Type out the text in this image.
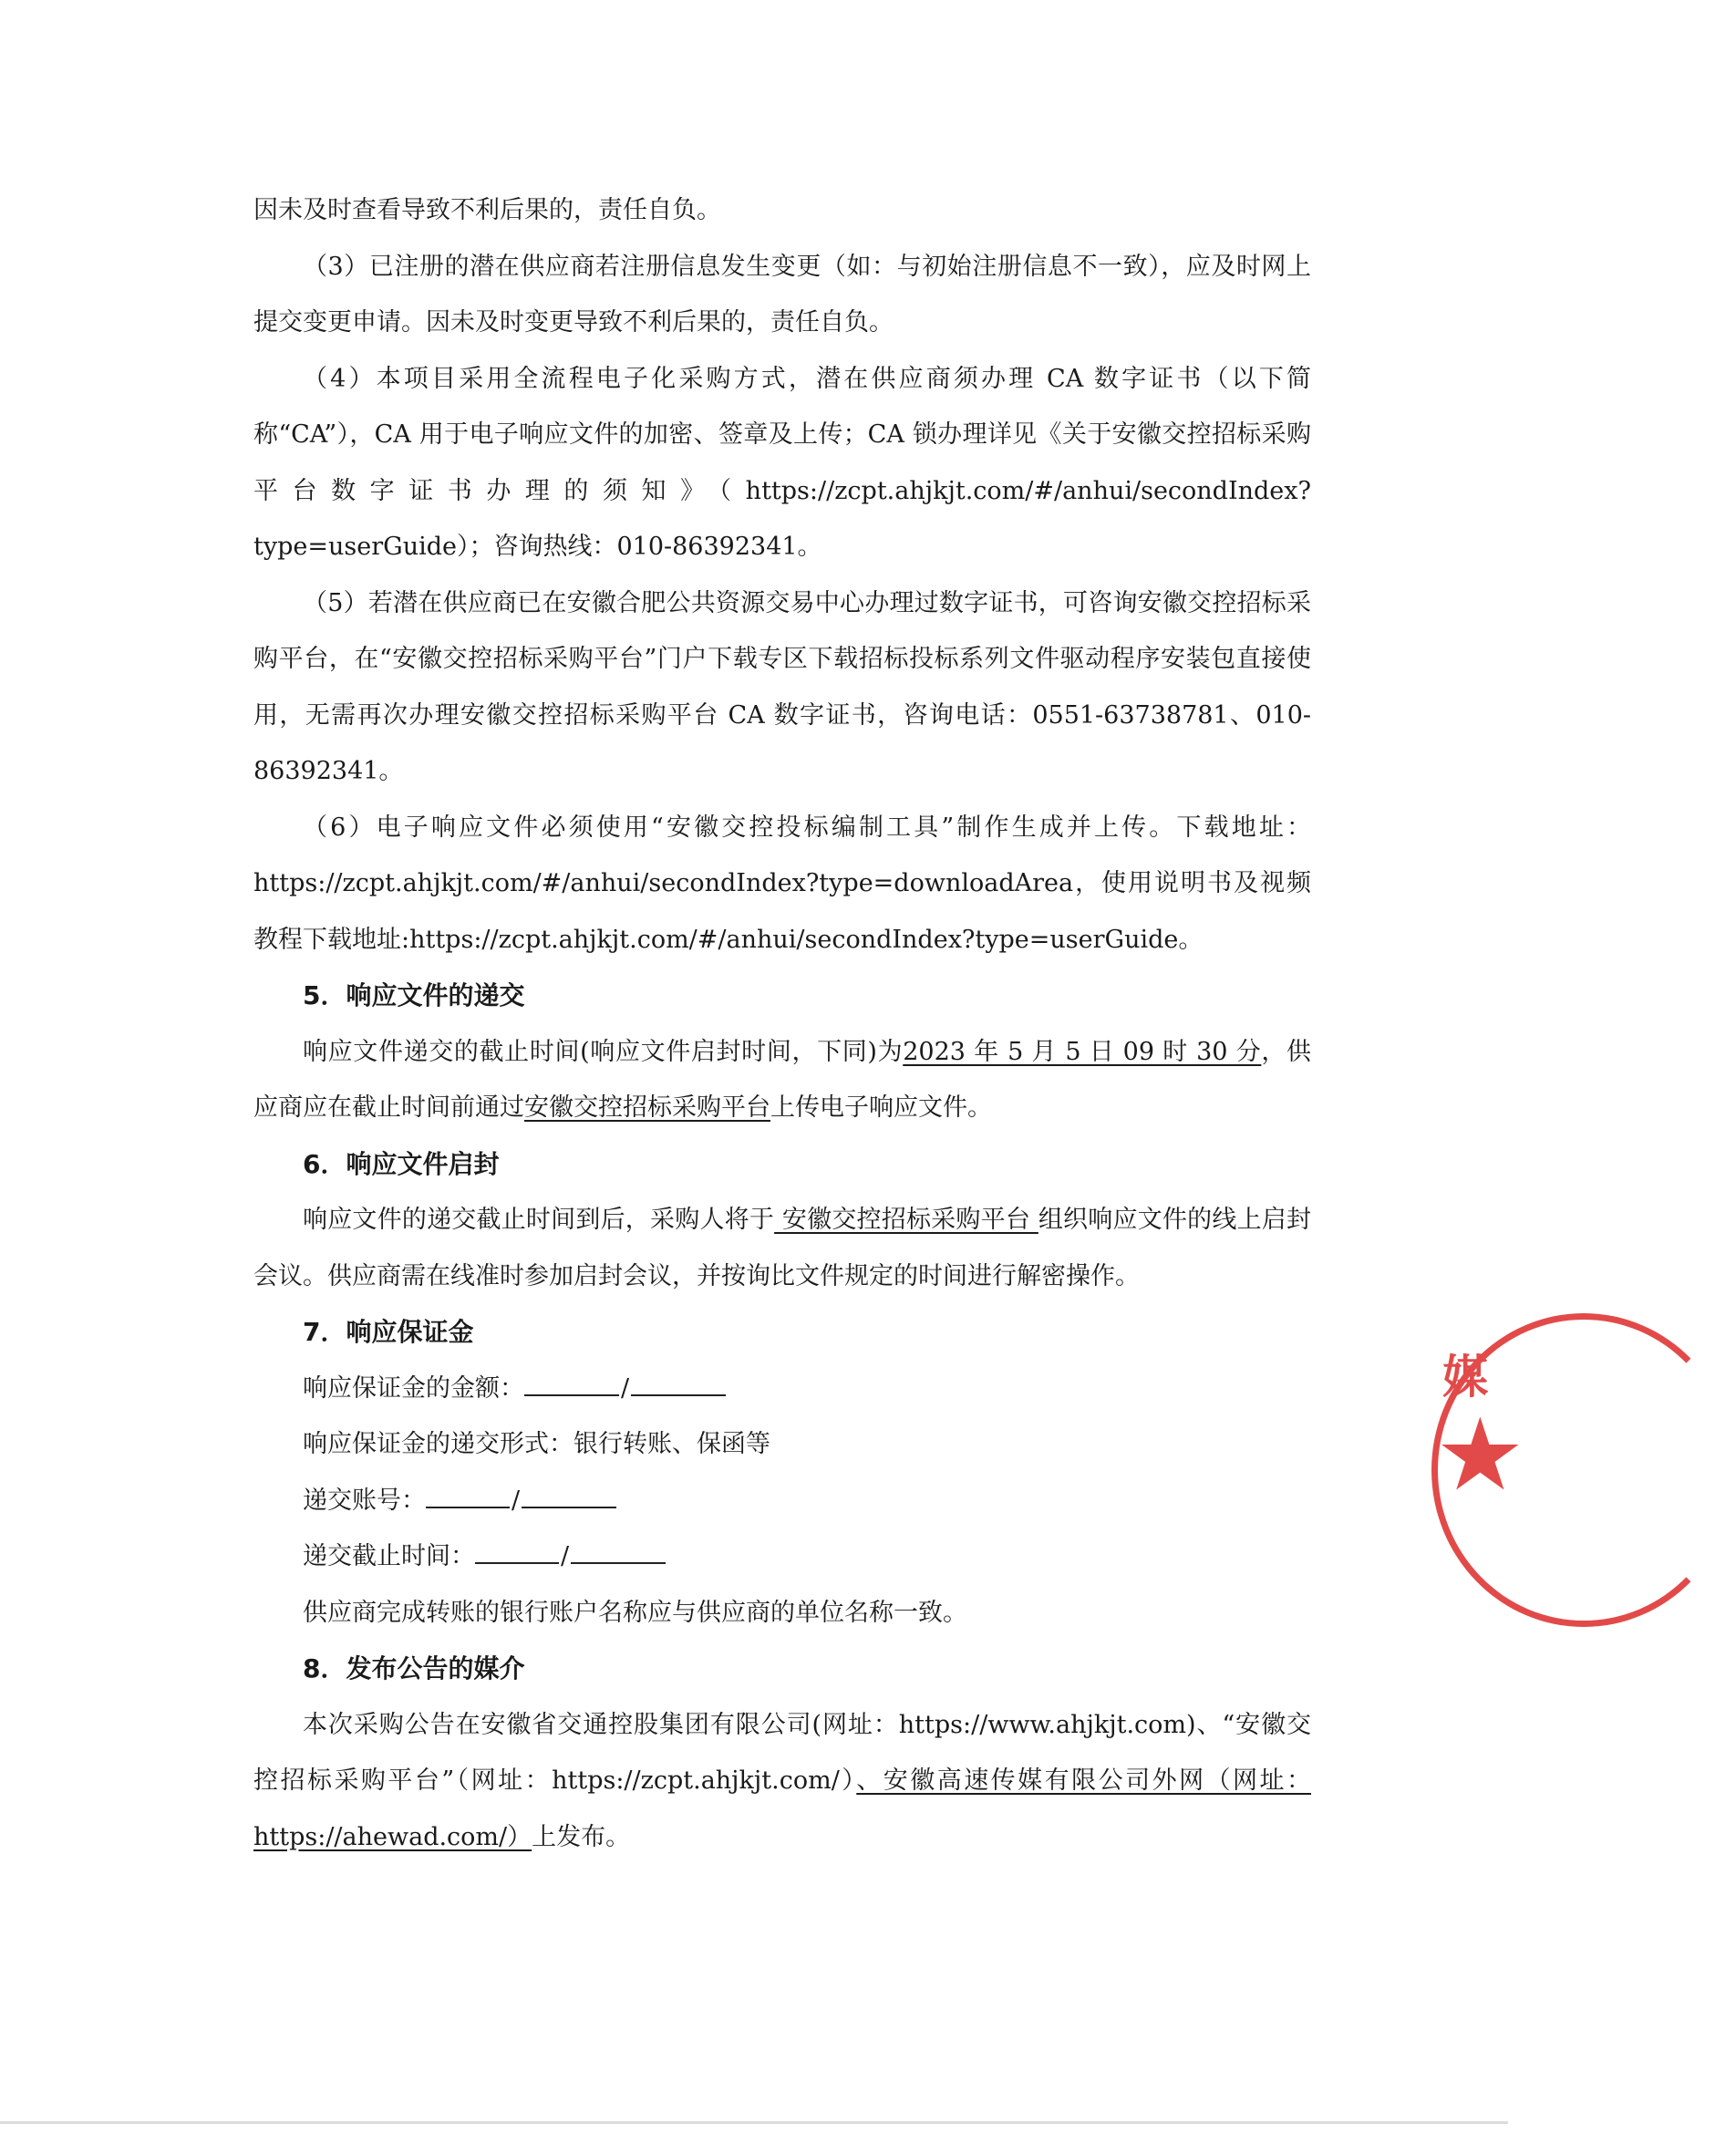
因未及时查看导致不利后果的，责任自负。

（3）已注册的潜在供应商若注册信息发生变更（如：与初始注册信息不一致），应及时网上提交变更申请。因未及时变更导致不利后果的，责任自负。

（4）本项目采用全流程电子化采购方式，潜在供应商须办理 CA 数字证书（以下简称“CA”），CA 用于电子响应文件的加密、签章及上传；CA 锁办理详见《关于安徽交控招标采购平台数字证书办理的须知》（https://zcpt.ahjkjt.com/#/anhui/secondIndex?type=userGuide）；咨询热线：010-86392341。

（5）若潜在供应商已在安徽合肥公共资源交易中心办理过数字证书，可咨询安徽交控招标采购平台，在“安徽交控招标采购平台”门户下载专区下载招标投标系列文件驱动程序安装包直接使用，无需再次办理安徽交控招标采购平台 CA 数字证书，咨询电话：0551-63738781、010-86392341。

（6）电子响应文件必须使用“安徽交控投标编制工具”制作生成并上传。下载地址：https://zcpt.ahjkjt.com/#/anhui/secondIndex?type=downloadArea，使用说明书及视频教程下载地址:https://zcpt.ahjkjt.com/#/anhui/secondIndex?type=userGuide。

5．响应文件的递交

响应文件递交的截止时间(响应文件启封时间，下同)为2023 年 5 月 5 日 09 时 30 分，供应商应在截止时间前通过安徽交控招标采购平台上传电子响应文件。

6．响应文件启封

响应文件的递交截止时间到后，采购人将于 安徽交控招标采购平台 组织响应文件的线上启封会议。供应商需在线准时参加启封会议，并按询比文件规定的时间进行解密操作。

7．响应保证金

响应保证金的金额：	/

响应保证金的递交形式：银行转账、保函等

递交账号：	/

递交截止时间：	/

供应商完成转账的银行账户名称应与供应商的单位名称一致。

8．发布公告的媒介

本次采购公告在安徽省交通控股集团有限公司(网址：https://www.ahjkjt.com)、“安徽交控招标采购平台”（网址：https://zcpt.ahjkjt.com/）、安徽高速传媒有限公司外网（网址：https://ahewad.com/）上发布。

媒
★
